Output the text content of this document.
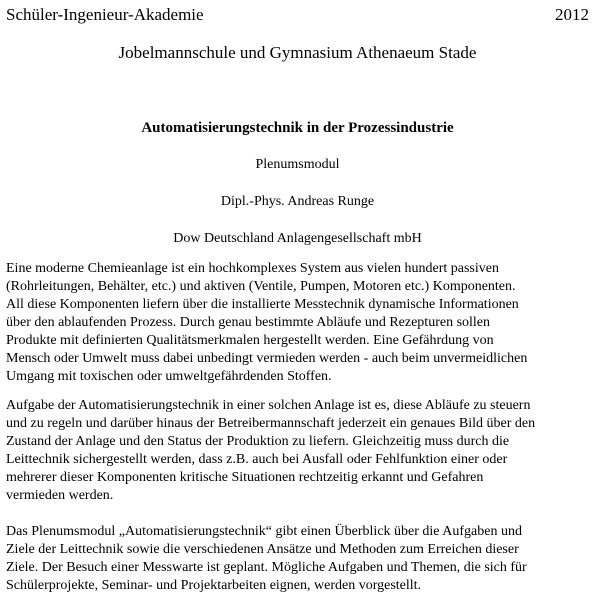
Schüler-Ingenieur-Akademie	2012
Jobelmannschule und Gymnasium Athenaeum Stade
Automatisierungstechnik in der Prozessindustrie
Plenumsmodul
Dipl.-Phys. Andreas Runge
Dow Deutschland Anlagengesellschaft mbH
Eine moderne Chemieanlage ist ein hochkomplexes System aus vielen hundert passiven
(Rohrleitungen, Behälter, etc.) und aktiven (Ventile, Pumpen, Motoren etc.) Komponenten.
All diese Komponenten liefern über die installierte Messtechnik dynamische Informationen
über den ablaufenden Prozess. Durch genau bestimmte Abläufe und Rezepturen sollen
Produkte mit definierten Qualitätsmerkmalen hergestellt werden. Eine Gefährdung von
Mensch oder Umwelt muss dabei unbedingt vermieden werden - auch beim unvermeidlichen
Umgang mit toxischen oder umweltgefährdenden Stoffen.
Aufgabe der Automatisierungstechnik in einer solchen Anlage ist es, diese Abläufe zu steuern
und zu regeln und darüber hinaus der Betreibermannschaft jederzeit ein genaues Bild über den
Zustand der Anlage und den Status der Produktion zu liefern. Gleichzeitig muss durch die
Leittechnik sichergestellt werden, dass z.B. auch bei Ausfall oder Fehlfunktion einer oder
mehrerer dieser Komponenten kritische Situationen rechtzeitig erkannt und Gefahren
vermieden werden.
Das Plenumsmodul „Automatisierungstechnik“ gibt einen Überblick über die Aufgaben und
Ziele der Leittechnik sowie die verschiedenen Ansätze und Methoden zum Erreichen dieser
Ziele. Der Besuch einer Messwarte ist geplant. Mögliche Aufgaben und Themen, die sich für
Schülerprojekte, Seminar- und Projektarbeiten eignen, werden vorgestellt.
